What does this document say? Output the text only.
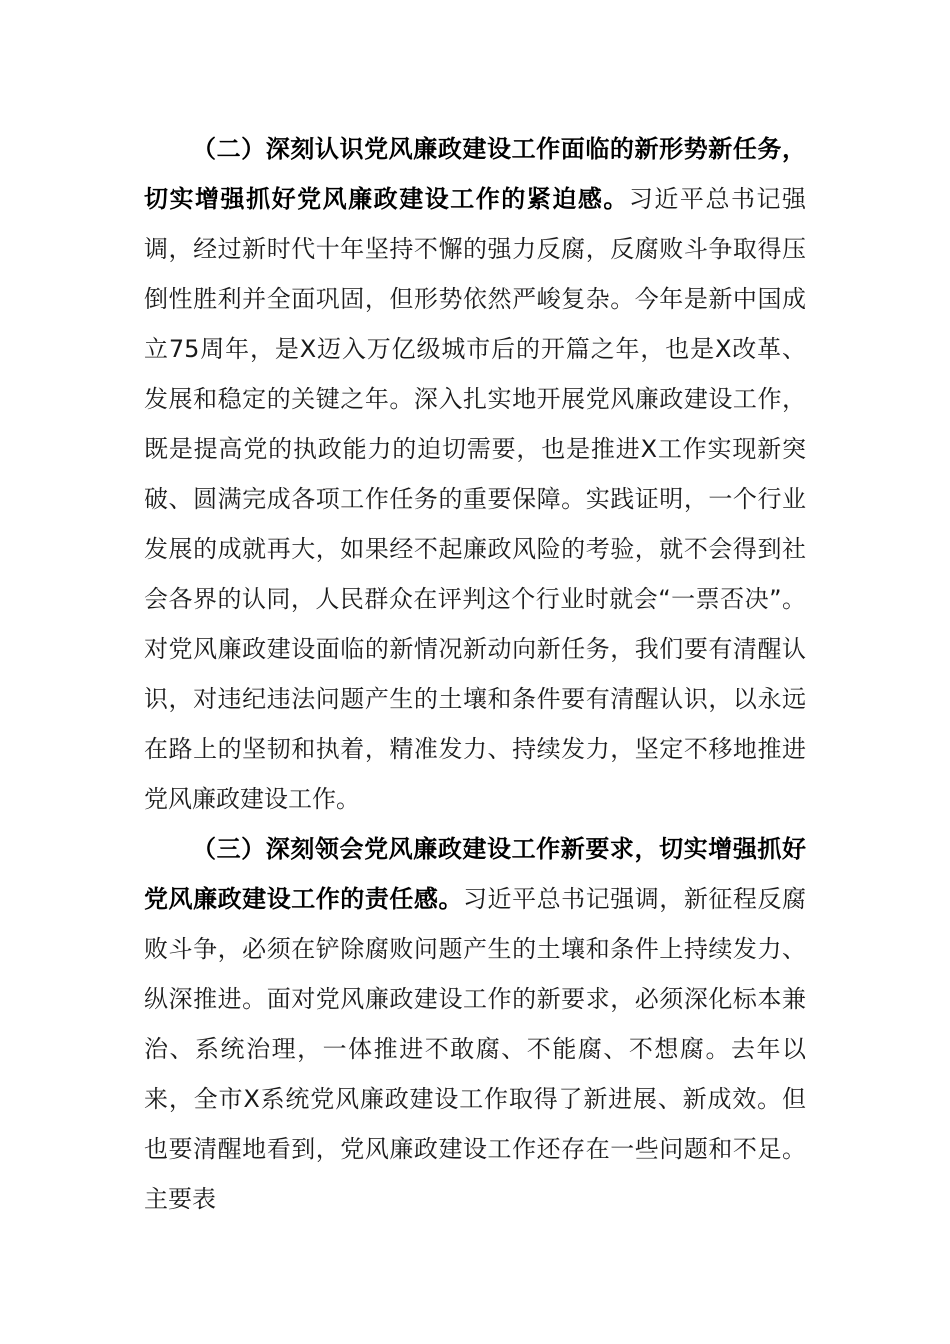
（二）深刻认识党风廉政建设工作面临的新形势新任务，切实增强抓好党风廉政建设工作的紧迫感。习近平总书记强调，经过新时代十年坚持不懈的强力反腐，反腐败斗争取得压倒性胜利并全面巩固，但形势依然严峻复杂。今年是新中国成立75周年，是X迈入万亿级城市后的开篇之年，也是X改革、发展和稳定的关键之年。深入扎实地开展党风廉政建设工作，既是提高党的执政能力的迫切需要，也是推进X工作实现新突破、圆满完成各项工作任务的重要保障。实践证明，一个行业发展的成就再大，如果经不起廉政风险的考验，就不会得到社会各界的认同，人民群众在评判这个行业时就会“一票否决”。对党风廉政建设面临的新情况新动向新任务，我们要有清醒认识，对违纪违法问题产生的土壤和条件要有清醒认识，以永远在路上的坚韧和执着，精准发力、持续发力，坚定不移地推进党风廉政建设工作。

（三）深刻领会党风廉政建设工作新要求，切实增强抓好党风廉政建设工作的责任感。习近平总书记强调，新征程反腐败斗争，必须在铲除腐败问题产生的土壤和条件上持续发力、纵深推进。面对党风廉政建设工作的新要求，必须深化标本兼治、系统治理，一体推进不敢腐、不能腐、不想腐。去年以来，全市X系统党风廉政建设工作取得了新进展、新成效。但也要清醒地看到，党风廉政建设工作还存在一些问题和不足。主要表
